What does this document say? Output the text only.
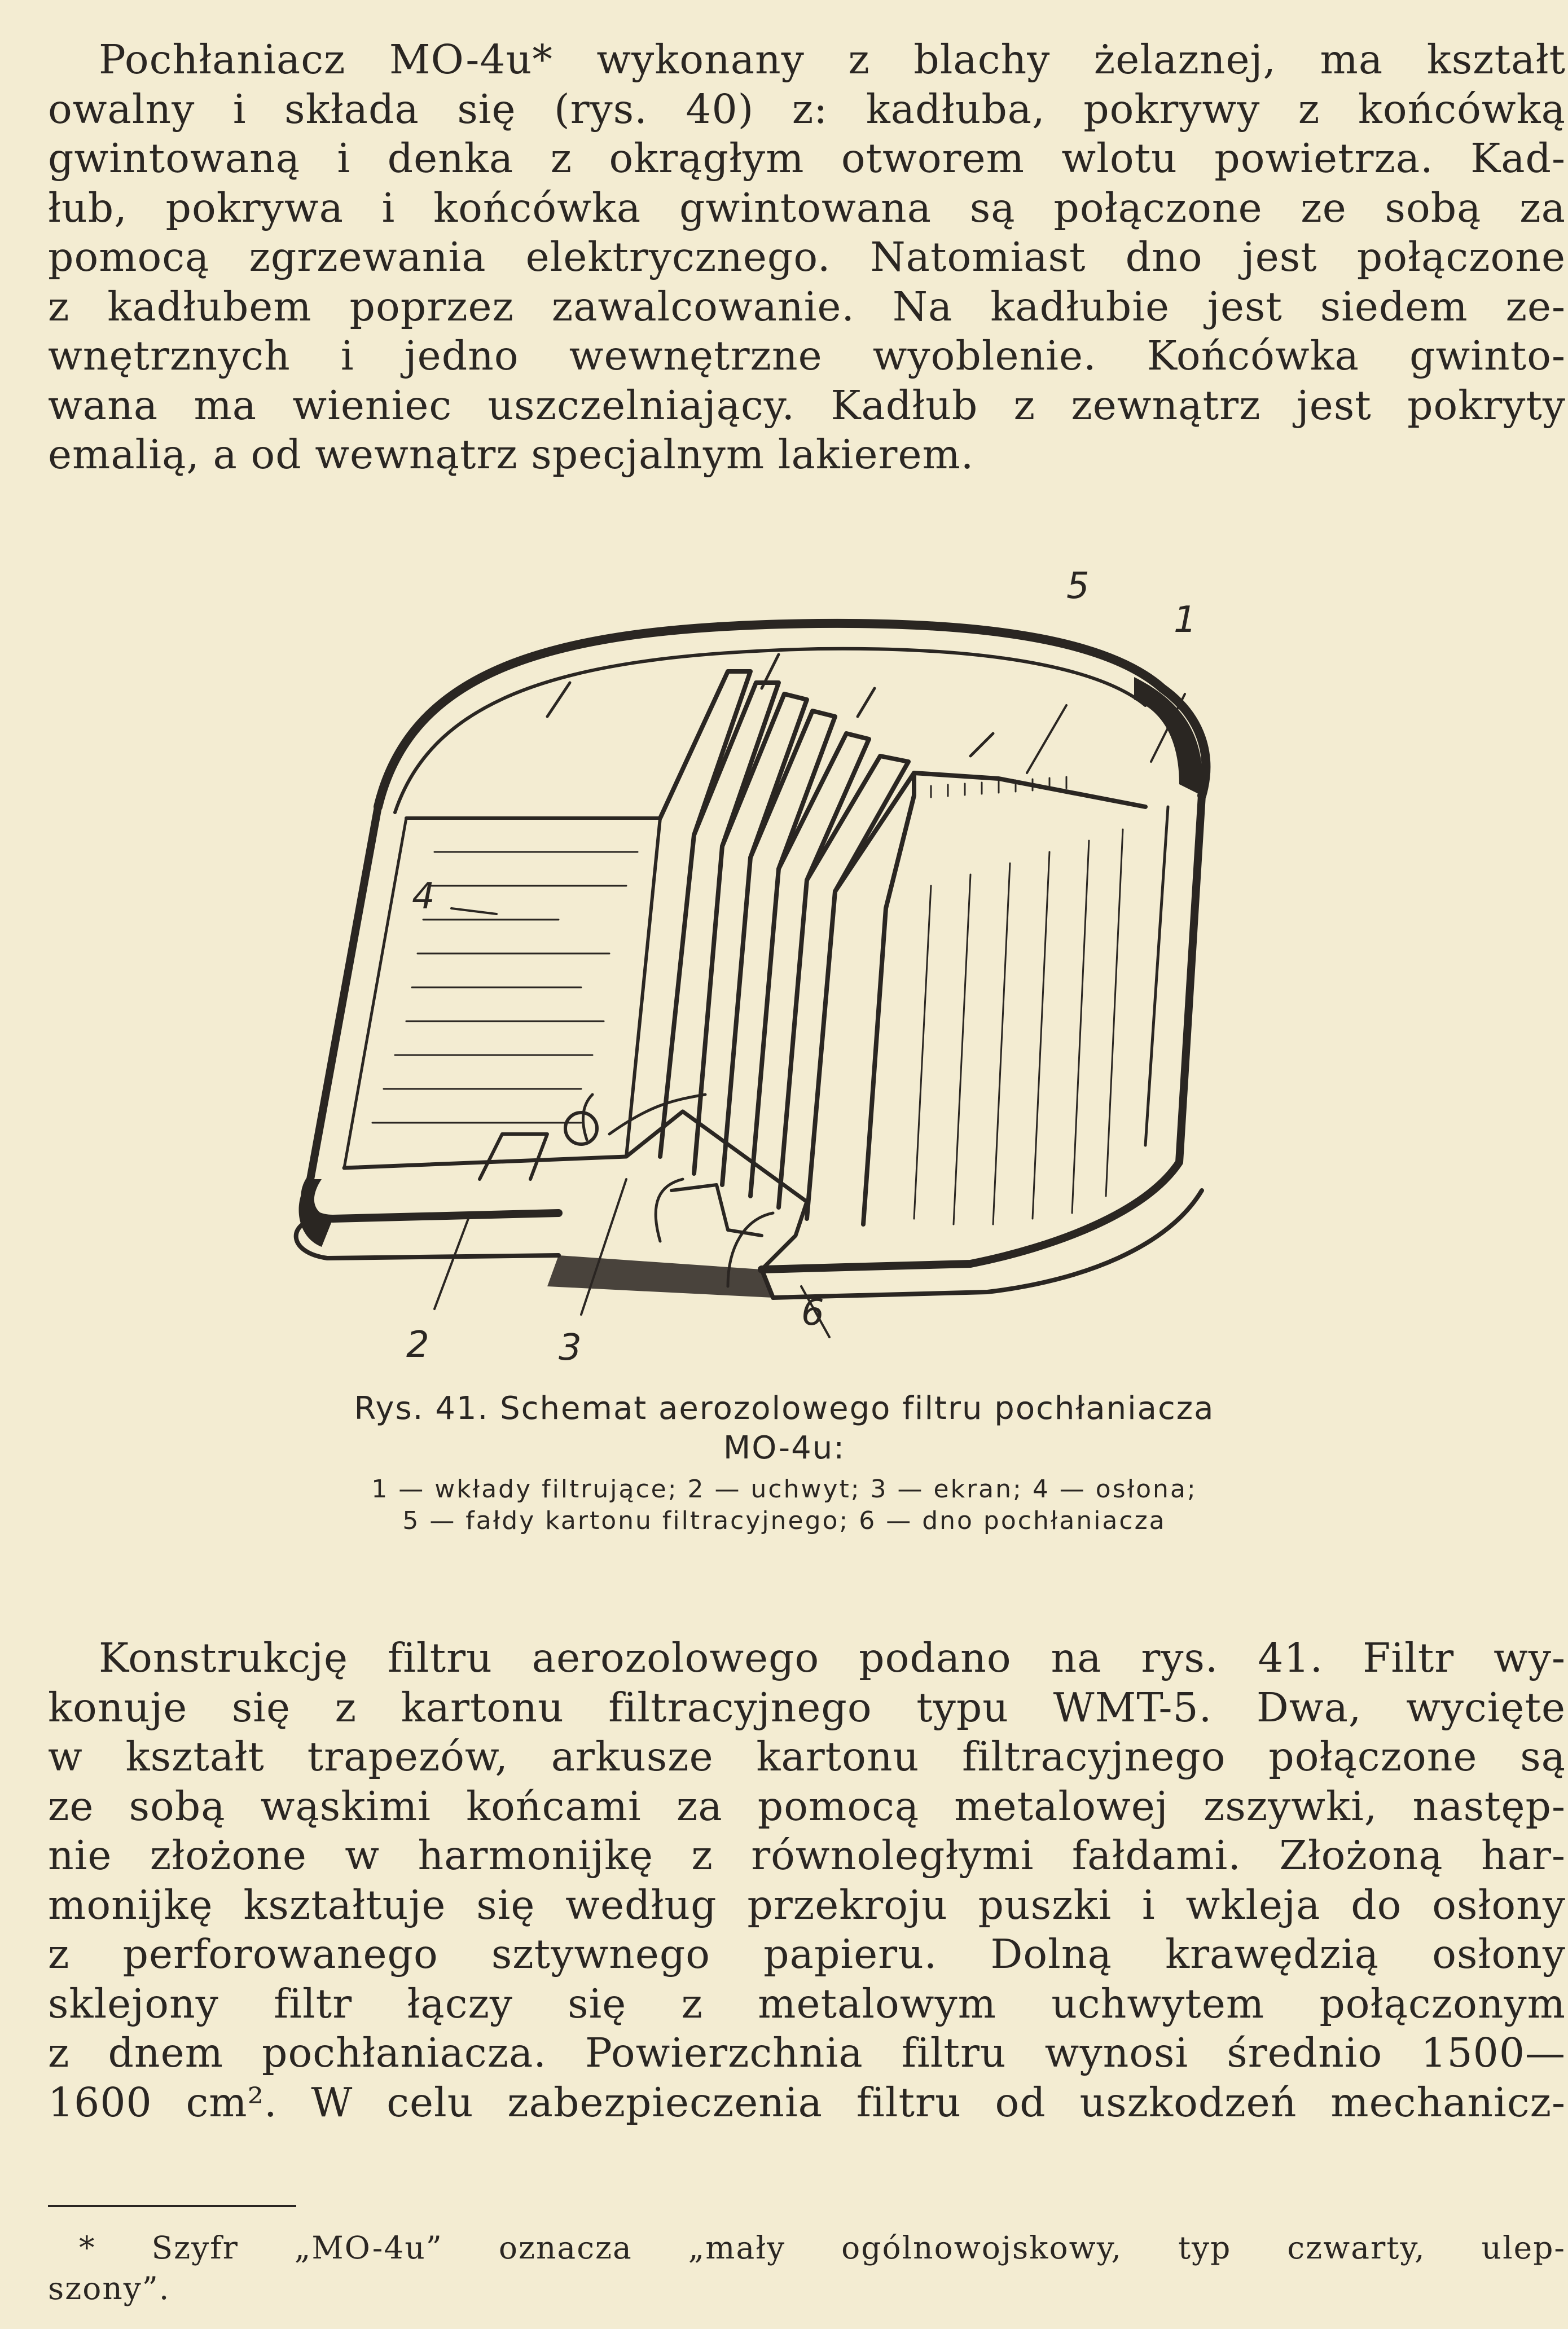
Pochłaniacz MO-4u* wykonany z blachy żelaznej, ma kształt
owalny i składa się (rys. 40) z: kadłuba, pokrywy z końcówką
gwintowaną i denka z okrągłym otworem wlotu powietrza. Kad-
łub, pokrywa i końcówka gwintowana są połączone ze sobą za
pomocą zgrzewania elektrycznego. Natomiast dno jest połączone
z kadłubem poprzez zawalcowanie. Na kadłubie jest siedem ze-
wnętrznych i jedno wewnętrzne wyoblenie. Końcówka gwinto-
wana ma wieniec uszczelniający. Kadłub z zewnątrz jest pokryty
emalią, a od wewnątrz specjalnym lakierem.
1
2	3
4
5
6
Rys. 41. Schemat aerozolowego filtru pochłaniacza
MO-4u:
1 — wkłady filtrujące; 2 — uchwyt; 3 — ekran; 4 — osłona;
5 — fałdy kartonu filtracyjnego; 6 — dno pochłaniacza
Konstrukcję filtru aerozolowego podano na rys. 41. Filtr wy-
konuje się z kartonu filtracyjnego typu WMT-5. Dwa, wycięte
w kształt trapezów, arkusze kartonu filtracyjnego połączone są
ze sobą wąskimi końcami za pomocą metalowej zszywki, następ-
nie złożone w harmonijkę z równoległymi fałdami. Złożoną har-
monijkę kształtuje się według przekroju puszki i wkleja do osłony
z perforowanego sztywnego papieru. Dolną krawędzią osłony
sklejony filtr łączy się z metalowym uchwytem połączonym
z dnem pochłaniacza. Powierzchnia filtru wynosi średnio 1500—
1600 cm². W celu zabezpieczenia filtru od uszkodzeń mechanicz-
* Szyfr „MO-4u” oznacza „mały ogólnowojskowy, typ czwarty, ulep-
szony”.
